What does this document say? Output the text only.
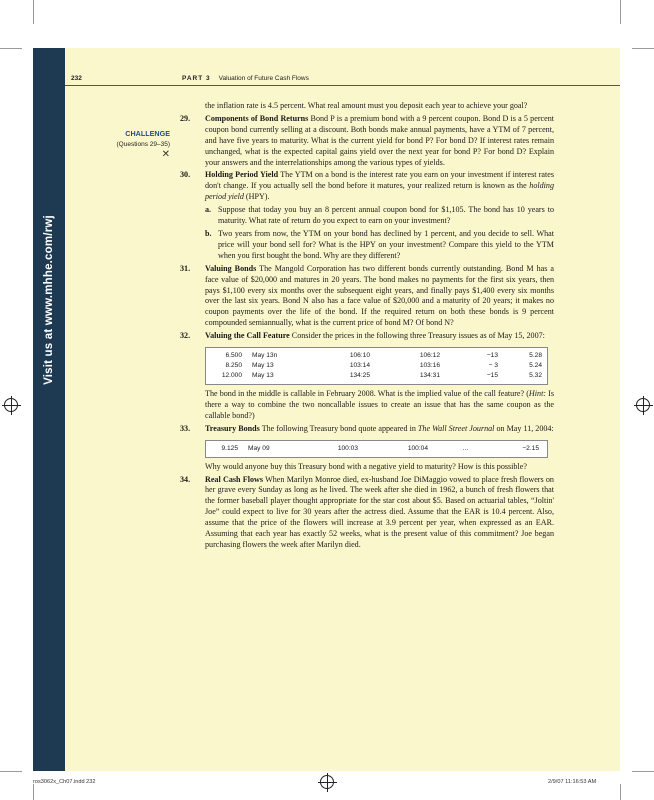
Visit us at www.mhhe.com/rwj
232	PART 3 Valuation of Future Cash Flows
CHALLENGE
(Questions 29–35)
✕

the inflation rate is 4.5 percent. What real amount must you deposit each year to achieve your goal?

29. Components of Bond Returns Bond P is a premium bond with a 9 percent coupon. Bond D is a 5 percent coupon bond currently selling at a discount. Both bonds make annual payments, have a YTM of 7 percent, and have five years to maturity. What is the current yield for bond P? For bond D? If interest rates remain unchanged, what is the expected capital gains yield over the next year for bond P? For bond D? Explain your answers and the interrelationships among the various types of yields.
30. Holding Period Yield The YTM on a bond is the interest rate you earn on your investment if interest rates don't change. If you actually sell the bond before it matures, your realized return is known as the holding period yield (HPY).
a. Suppose that today you buy an 8 percent annual coupon bond for $1,105. The bond has 10 years to maturity. What rate of return do you expect to earn on your investment?
b. Two years from now, the YTM on your bond has declined by 1 percent, and you decide to sell. What price will your bond sell for? What is the HPY on your investment? Compare this yield to the YTM when you first bought the bond. Why are they different?
31. Valuing Bonds The Mangold Corporation has two different bonds currently outstanding. Bond M has a face value of $20,000 and matures in 20 years. The bond makes no payments for the first six years, then pays $1,100 every six months over the subsequent eight years, and finally pays $1,400 every six months over the last six years. Bond N also has a face value of $20,000 and a maturity of 20 years; it makes no coupon payments over the life of the bond. If the required return on both these bonds is 9 percent compounded semiannually, what is the current price of bond M? Of bond N?
32. Valuing the Call Feature Consider the prices in the following three Treasury issues as of May 15, 2007:
6.500	May 13n	106:10	106:12	−13	5.28
8.250	May 13	103:14	103:16	− 3	5.24
12.000	May 13	134:25	134:31	−15	5.32

The bond in the middle is callable in February 2008. What is the implied value of the call feature? (Hint: Is there a way to combine the two noncallable issues to create an issue that has the same coupon as the callable bond?)

33. Treasury Bonds The following Treasury bond quote appeared in The Wall Street Journal on May 11, 2004:
9.125	May 09	100:03	100:04	...	−2.15

Why would anyone buy this Treasury bond with a negative yield to maturity? How is this possible?

34. Real Cash Flows When Marilyn Monroe died, ex-husband Joe DiMaggio vowed to place fresh flowers on her grave every Sunday as long as he lived. The week after she died in 1962, a bunch of fresh flowers that the former baseball player thought appropriate for the star cost about $5. Based on actuarial tables, “Joltin' Joe” could expect to live for 30 years after the actress died. Assume that the EAR is 10.4 percent. Also, assume that the price of the flowers will increase at 3.9 percent per year, when expressed as an EAR. Assuming that each year has exactly 52 weeks, what is the present value of this commitment? Joe began purchasing flowers the week after Marilyn died.
ros3062x_Ch07.indd 232	2/9/07 11:16:53 AM
